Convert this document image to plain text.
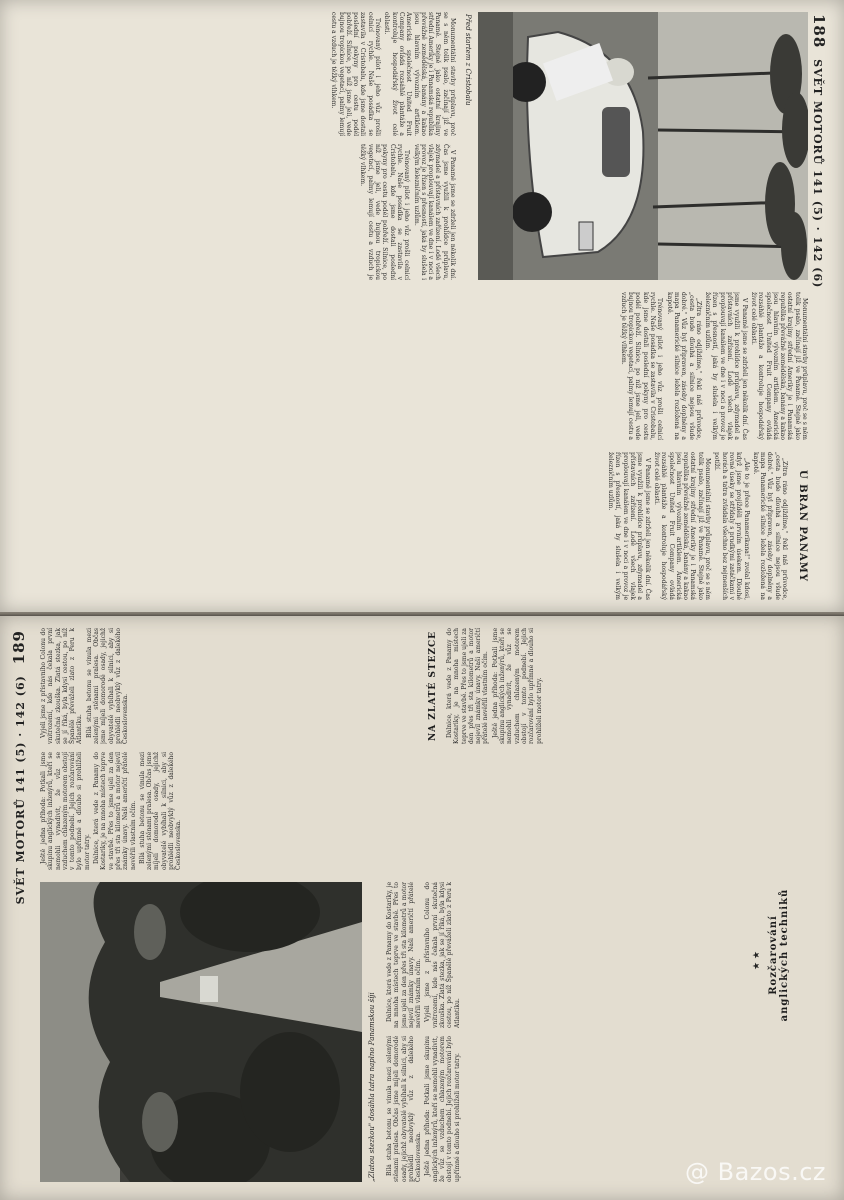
188 SVĚT MOTORŮ 141 (5) · 142 (6)
Před startem z Cristobalu

Monumentální stavby průplavu, proč se s něm tolik psalo, začínají již ve Panamě. Stejně jako ostatní krajiny střední Ameriky je i Panamská republika převážně zemědělská, banány a kakao jsou hlavním vývozním artiklem. Americká společnost United Fruit Company ovládá rozsáhlé plantáže a kontroluje hospodářský život celé oblasti.

Trénovaný pilot i jeho vůz prošli celnicí rychle. Naše posádka se zastavila v Cristobalu, kde jsme dostali poslední pokyny pro cestu podél pobřeží. Silnice, po níž jsme jeli, vede bujnou tropickou vegetací, palmy lemují cestu a vzduch je těžký vlhkem.

V Panamě jsme se zdrželi jen několik dní. Čas jsme využili k prohlídce průplavu, zdymadel a přístavních zařízení. Lodě všech vlajek proplouvají kanálem ve dne i v noci a provoz je řízen s přesností, jaká by slušela i velkým železničním uzlům.

Trénovaný pilot i jeho vůz prošli celnicí rychle. Naše posádka se zastavila v Cristobalu, kde jsme dostali poslední pokyny pro cestu podél pobřeží. Silnice, po níž jsme jeli, vede bujnou tropickou vegetací, palmy lemují cestu a vzduch je těžký vlhkem.

Monumentální stavby průplavu, proč se s něm tolik psalo, začínají již ve Panamě. Stejně jako ostatní krajiny střední Ameriky je i Panamská republika převážně zemědělská, banány a kakao jsou hlavním vývozním artiklem. Americká společnost United Fruit Company ovládá rozsáhlé plantáže a kontroluje hospodářský život celé oblasti.

V Panamě jsme se zdrželi jen několik dní. Čas jsme využili k prohlídce průplavu, zdymadel a přístavních zařízení. Lodě všech vlajek proplouvají kanálem ve dne i v noci a provoz je řízen s přesností, jaká by slušela i velkým železničním uzlům.

„Zítra ráno odjíždíme," řekl náš průvodce, „cesta bude dlouhá a silnice nejsou všude dobré." Vůz byl připraven, zásoby doplněny a mapa Panamerické silnice ležela rozložená na kapotě.

Trénovaný pilot i jeho vůz prošli celnicí rychle. Naše posádka se zastavila v Cristobalu, kde jsme dostali poslední pokyny pro cestu podél pobřeží. Silnice, po níž jsme jeli, vede bujnou tropickou vegetací, palmy lemují cestu a vzduch je těžký vlhkem.

U BRAN PANAMY

„Zítra ráno odjíždíme," řekl náš průvodce, „cesta bude dlouhá a silnice nejsou všude dobré." Vůz byl připraven, zásoby doplněny a mapa Panamerické silnice ležela rozložená na kapotě.

„Ale to je přece Panamerikana!" zvolal kdosi, když jsme projížděli prvním úsekem. Dlouhé rovné úseky se střídaly s prudkými zatáčkami v horách a tatra zvládala všechno bez nejmenších potíží.

Monumentální stavby průplavu, proč se s něm tolik psalo, začínají již ve Panamě. Stejně jako ostatní krajiny střední Ameriky je i Panamská republika převážně zemědělská, banány a kakao jsou hlavním vývozním artiklem. Americká společnost United Fruit Company ovládá rozsáhlé plantáže a kontroluje hospodářský život celé oblasti.

V Panamě jsme se zdrželi jen několik dní. Čas jsme využili k prohlídce průplavu, zdymadel a přístavních zařízení. Lodě všech vlajek proplouvají kanálem ve dne i v noci a provoz je řízen s přesností, jaká by slušela i velkým železničním uzlům.

SVĚT MOTORŮ 141 (5) · 142 (6) 189
„Zlatou stezkou" dosáhla tatra naplno Panamskou šíji Bílá stuha betonu se vinula mezi zelenými stěnami pralesa. Občas jsme míjeli domorodé osady, jejichž obyvatelé vybíhali k silnici, aby si prohlédli neobvyklý vůz z dalekého Československa. Ještě jedna příhoda: Potkali jsme skupinu anglických inženýrů, kteří se nemohli vynadivit, že vůz se vzduchem chlazeným motorem obstojí v tomto podnebí. Jejich rozčarování bylo upřímné a dlouho si prohlíželi motor tatry.

Dálnice, která vede z Panamy do Kostariky, je na mnoha místech teprve ve stavbě. Přes to jsme ujeli za den přes tři sta kilometrů a motor nejevil známky únavy. Naši američtí přátelé nevěřili vlastním očím. Vyjeli jsme z přístavního Colonu do vnitrozemí, kde nás čekala první skutečná zkouška. Zlatá stezka, jak se jí říká, byla kdysi cestou, po níž Španělé převáželi zlato z Peru k Atlantiku.

★ ★ Rozčarování anglických techniků

Ještě jedna příhoda: Potkali jsme skupinu anglických inženýrů, kteří se nemohli vynadivit, že vůz se vzduchem chlazeným motorem obstojí v tomto podnebí. Jejich rozčarování bylo upřímné a dlouho si prohlíželi motor tatry. Dálnice, která vede z Panamy do Kostariky, je na mnoha místech teprve ve stavbě. Přes to jsme ujeli za den přes tři sta kilometrů a motor nejevil známky únavy. Naši američtí přátelé nevěřili vlastním očím. Bílá stuha betonu se vinula mezi zelenými stěnami pralesa. Občas jsme míjeli domorodé osady, jejichž obyvatelé vybíhali k silnici, aby si prohlédli neobvyklý vůz z dalekého Československa.

Vyjeli jsme z přístavního Colonu do vnitrozemí, kde nás čekala první skutečná zkouška. Zlatá stezka, jak se jí říká, byla kdysi cestou, po níž Španělé převáželi zlato z Peru k Atlantiku. Bílá stuha betonu se vinula mezi zelenými stěnami pralesa. Občas jsme míjeli domorodé osady, jejichž obyvatelé vybíhali k silnici, aby si prohlédli neobvyklý vůz z dalekého Československa.	NA ZLATÉ STEZCE Dálnice, která vede z Panamy do Kostariky, je na mnoha místech teprve ve stavbě. Přes to jsme ujeli za den přes tři sta kilometrů a motor nejevil známky únavy. Naši američtí přátelé nevěřili vlastním očím. Ještě jedna příhoda: Potkali jsme skupinu anglických inženýrů, kteří se nemohli vynadivit, že vůz se vzduchem chlazeným motorem obstojí v tomto podnebí. Jejich rozčarování bylo upřímné a dlouho si prohlíželi motor tatry.

@ Bazos.cz
